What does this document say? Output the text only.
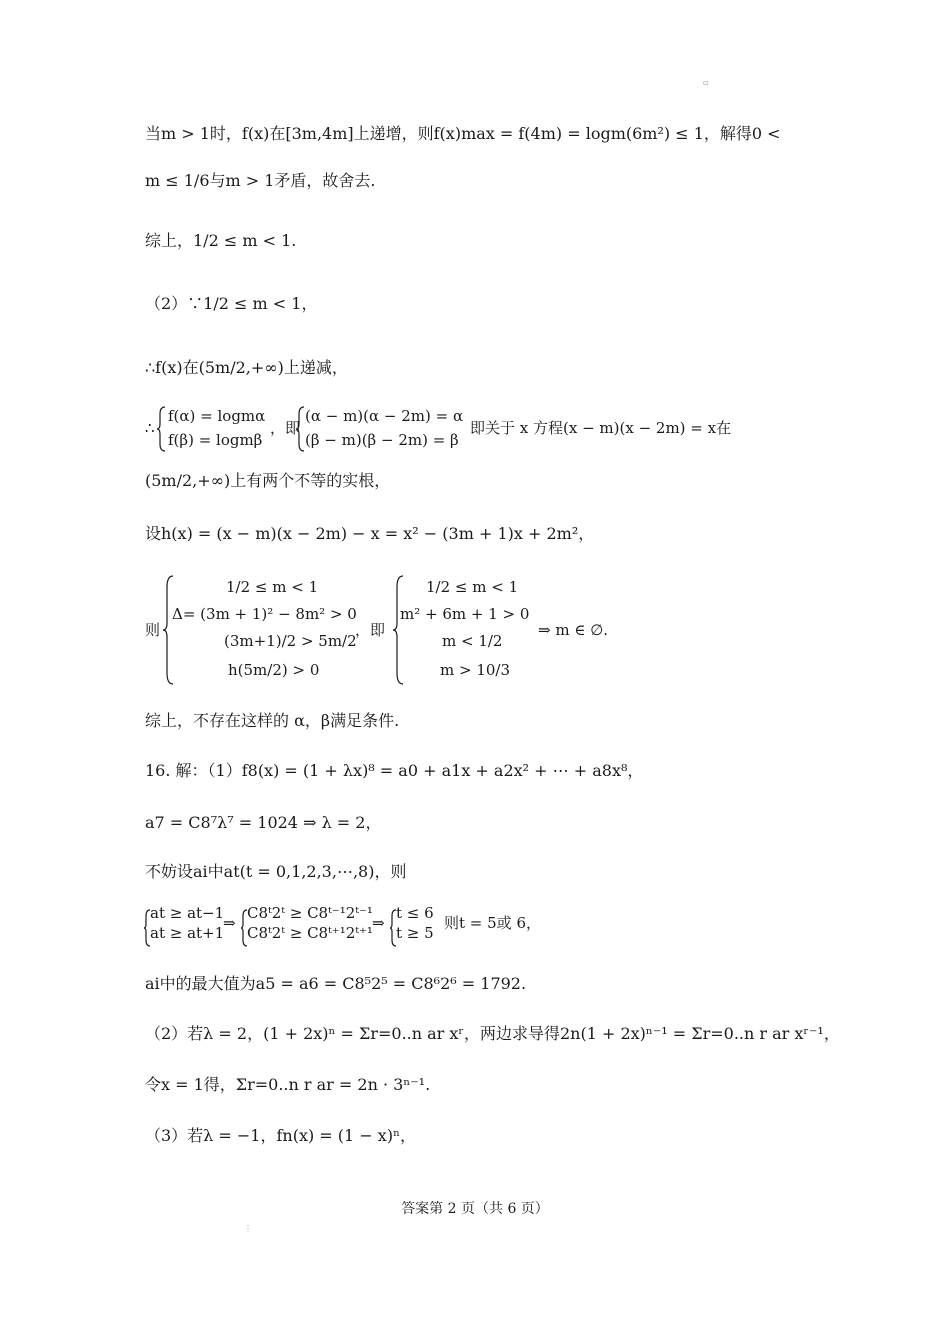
▫
当m > 1时，f(x)在[3m,4m]上递增，则f(x)max = f(4m) = logm(6m²) ≤ 1，解得0 <
m ≤ 1/6与m > 1矛盾，故舍去.
综上，1/2 ≤ m < 1.
（2）∵1/2 ≤ m < 1，
∴f(x)在(5m/2,+∞)上递减，
∴
f(α) = logmα
f(β) = logmβ
，即
(α − m)(α − 2m) = α
(β − m)(β − 2m) = β
即关于 x 方程(x − m)(x − 2m) = x在
(5m/2,+∞)上有两个不等的实根，
设h(x) = (x − m)(x − 2m) − x = x² − (3m + 1)x + 2m²，
则
1/2 ≤ m < 1
Δ= (3m + 1)² − 8m² > 0
(3m+1)/2 > 5m/2
h(5m/2) > 0
，即
1/2 ≤ m < 1
m² + 6m + 1 > 0
m < 1/2
m > 10/3
⇒ m ∈ ∅.
综上，不存在这样的 α，β满足条件.
16. 解：（1）f8(x) = (1 + λx)⁸ = a0 + a1x + a2x² + ⋯ + a8x⁸，
a7 = C8⁷λ⁷ = 1024 ⇒ λ = 2，
不妨设ai中at(t = 0,1,2,3,⋯,8)，则
at ≥ at−1
at ≥ at+1
⇒
C8ᵗ2ᵗ ≥ C8ᵗ⁻¹2ᵗ⁻¹
C8ᵗ2ᵗ ≥ C8ᵗ⁺¹2ᵗ⁺¹
⇒
t ≤ 6
t ≥ 5
则t = 5或 6，
ai中的最大值为a5 = a6 = C8⁵2⁵ = C8⁶2⁶ = 1792.
（2）若λ = 2，(1 + 2x)ⁿ = Σr=0..n ar xʳ，两边求导得2n(1 + 2x)ⁿ⁻¹ = Σr=0..n r ar xʳ⁻¹，
令x = 1得，Σr=0..n r ar = 2n · 3ⁿ⁻¹.
（3）若λ = −1，fn(x) = (1 − x)ⁿ，
答案第 2 页（共 6 页）
⋮
